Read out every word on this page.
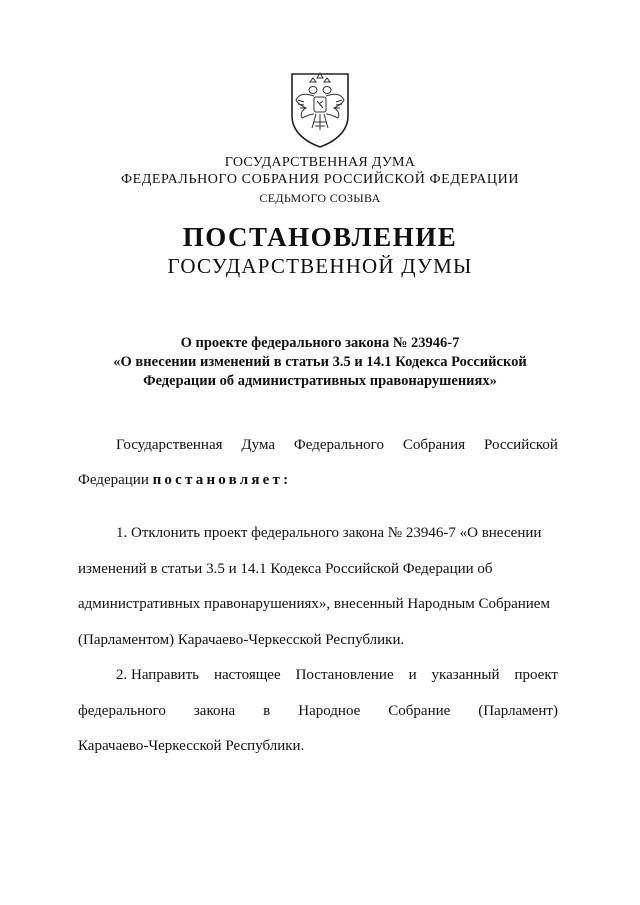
ГОСУДАРСТВЕННАЯ ДУМА
ФЕДЕРАЛЬНОГО СОБРАНИЯ РОССИЙСКОЙ ФЕДЕРАЦИИ
СЕДЬМОГО СОЗЫВА
ПОСТАНОВЛЕНИЕ
ГОСУДАРСТВЕННОЙ ДУМЫ
О проекте федерального закона № 23946-7
«О внесении изменений в статьи 3.5 и 14.1 Кодекса Российской
Федерации об административных правонарушениях»
Государственная Дума Федерального Собрания Российской
Федерации постановляет:
1. Отклонить проект федерального закона № 23946-7 «О внесении
изменений в статьи 3.5 и 14.1 Кодекса Российской Федерации об
административных правонарушениях», внесенный Народным Собранием
(Парламентом) Карачаево-Черкесской Республики.
2. Направить настоящее Постановление и указанный проект
федерального закона в Народное Собрание (Парламент)
Карачаево-Черкесской Республики.
